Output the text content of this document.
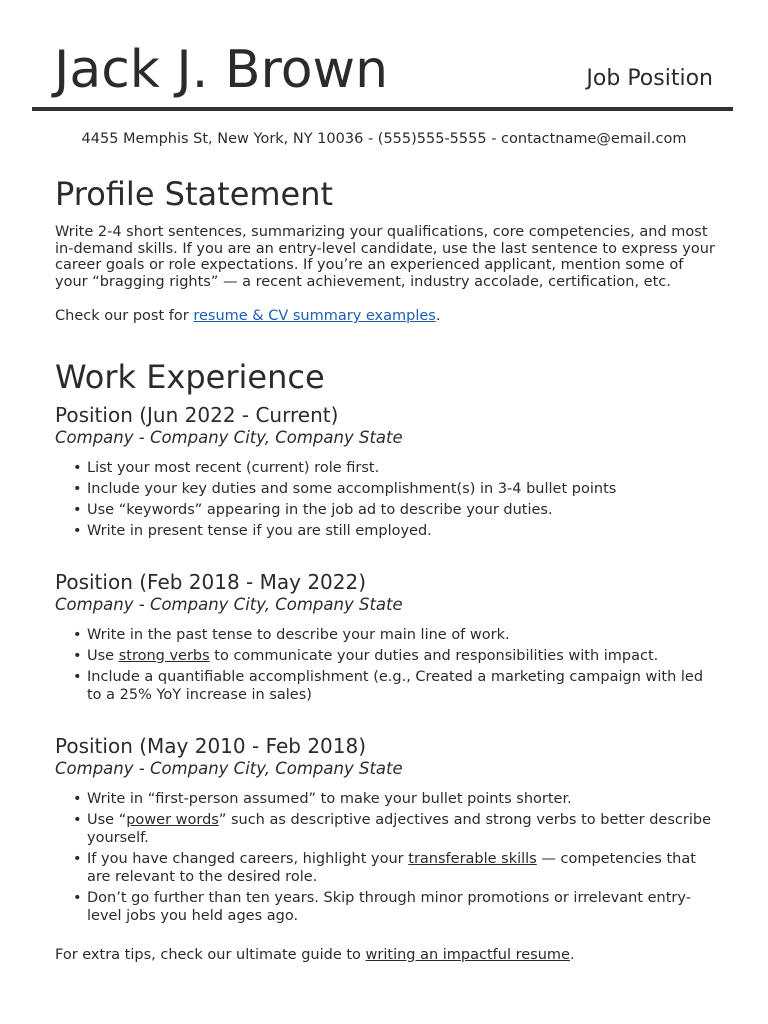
Jack J. Brown	Job Position
4455 Memphis St, New York, NY 10036 - (555)555-5555 - contactname@email.com
Profile Statement

Write 2-4 short sentences, summarizing your qualifications, core competencies, and most in-demand skills. If you are an entry-level candidate, use the last sentence to express your career goals or role expectations. If you’re an experienced applicant, mention some of your “bragging rights” — a recent achievement, industry accolade, certification, etc.

Check our post for resume & CV summary examples.

Work Experience
Position (Jun 2022 - Current)
Company - Company City, Company State
• List your most recent (current) role first.
• Include your key duties and some accomplishment(s) in 3-4 bullet points
• Use “keywords” appearing in the job ad to describe your duties.
• Write in present tense if you are still employed.
Position (Feb 2018 - May 2022)
Company - Company City, Company State
• Write in the past tense to describe your main line of work.
• Use strong verbs to communicate your duties and responsibilities with impact.
• Include a quantifiable accomplishment (e.g., Created a marketing campaign with led to a 25% YoY increase in sales)
Position (May 2010 - Feb 2018)
Company - Company City, Company State
• Write in “first-person assumed” to make your bullet points shorter.
• Use “power words” such as descriptive adjectives and strong verbs to better describe yourself.
• If you have changed careers, highlight your transferable skills — competencies that are relevant to the desired role.
• Don’t go further than ten years. Skip through minor promotions or irrelevant entry-level jobs you held ages ago.

For extra tips, check our ultimate guide to writing an impactful resume.
